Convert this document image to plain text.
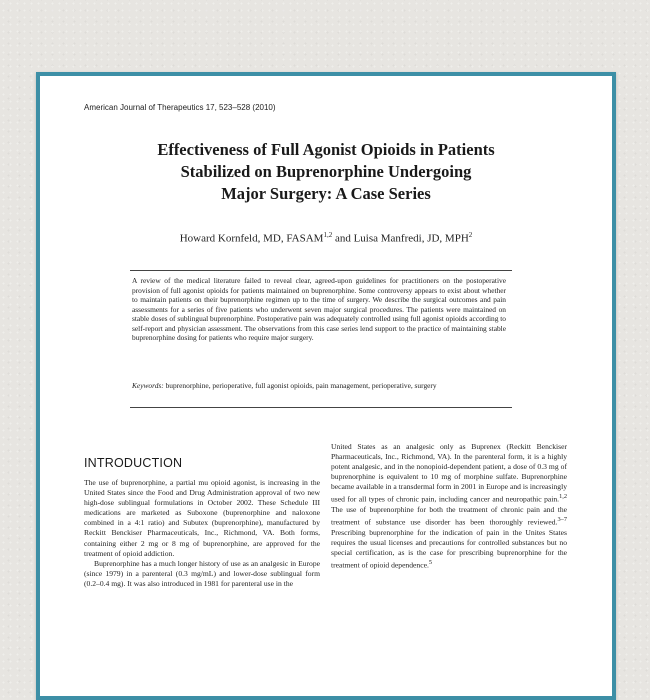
American Journal of Therapeutics 17, 523–528 (2010)
Effectiveness of Full Agonist Opioids in Patients
Stabilized on Buprenorphine Undergoing
Major Surgery: A Case Series
Howard Kornfeld, MD, FASAM$^{1,2}$ and Luisa Manfredi, JD, MPH$^2$
A review of the medical literature failed to reveal clear, agreed-upon guidelines for practitioners on the postoperative provision of full agonist opioids for patients maintained on buprenorphine. Some controversy appears to exist about whether to maintain patients on their buprenorphine regimen up to the time of surgery. We describe the surgical outcomes and pain assessments for a series of five patients who underwent seven major surgical procedures. The patients were maintained on stable doses of sublingual buprenorphine. Postoperative pain was adequately controlled using full agonist opioids according to self-report and physician assessment. The observations from this case series lend support to the practice of maintaining stable buprenorphine dosing for patients who require major surgery.
Keywords: buprenorphine, perioperative, full agonist opioids, pain management, perioperative, surgery
INTRODUCTION

The use of buprenorphine, a partial mu opioid agonist, is increasing in the United States since the Food and Drug Administration approval of two new high-dose sublingual formulations in October 2002. These Schedule III medications are marketed as Suboxone (buprenorphine and naloxone combined in a 4:1 ratio) and Subutex (buprenorphine), manufactured by Reckitt Benckiser Pharmaceuticals, Inc., Richmond, VA. Both forms, containing either 2 mg or 8 mg of buprenorphine, are approved for the treatment of opioid addiction.

Buprenorphine has a much longer history of use as an analgesic in Europe (since 1979) in a parenteral (0.3 mg/mL) and lower-dose sublingual form (0.2–0.4 mg). It was also introduced in 1981 for parenteral use in the

United States as an analgesic only as Buprenex (Reckitt Benckiser Pharmaceuticals, Inc., Richmond, VA). In the parenteral form, it is a highly potent analgesic, and in the nonopioid-dependent patient, a dose of 0.3 mg of buprenorphine is equivalent to 10 mg of morphine sulfate. Buprenorphine became available in a transdermal form in 2001 in Europe and is increasingly used for all types of chronic pain, including cancer and neuropathic pain.$^{1,2}$ The use of buprenorphine for both the treatment of chronic pain and the treatment of substance use disorder has been thoroughly reviewed.$^{3-7}$ Prescribing buprenorphine for the indication of pain in the Unites States requires the usual licenses and precautions for controlled substances but no special certification, as is the case for prescribing buprenorphine for the treatment of opioid dependence.$^5$
